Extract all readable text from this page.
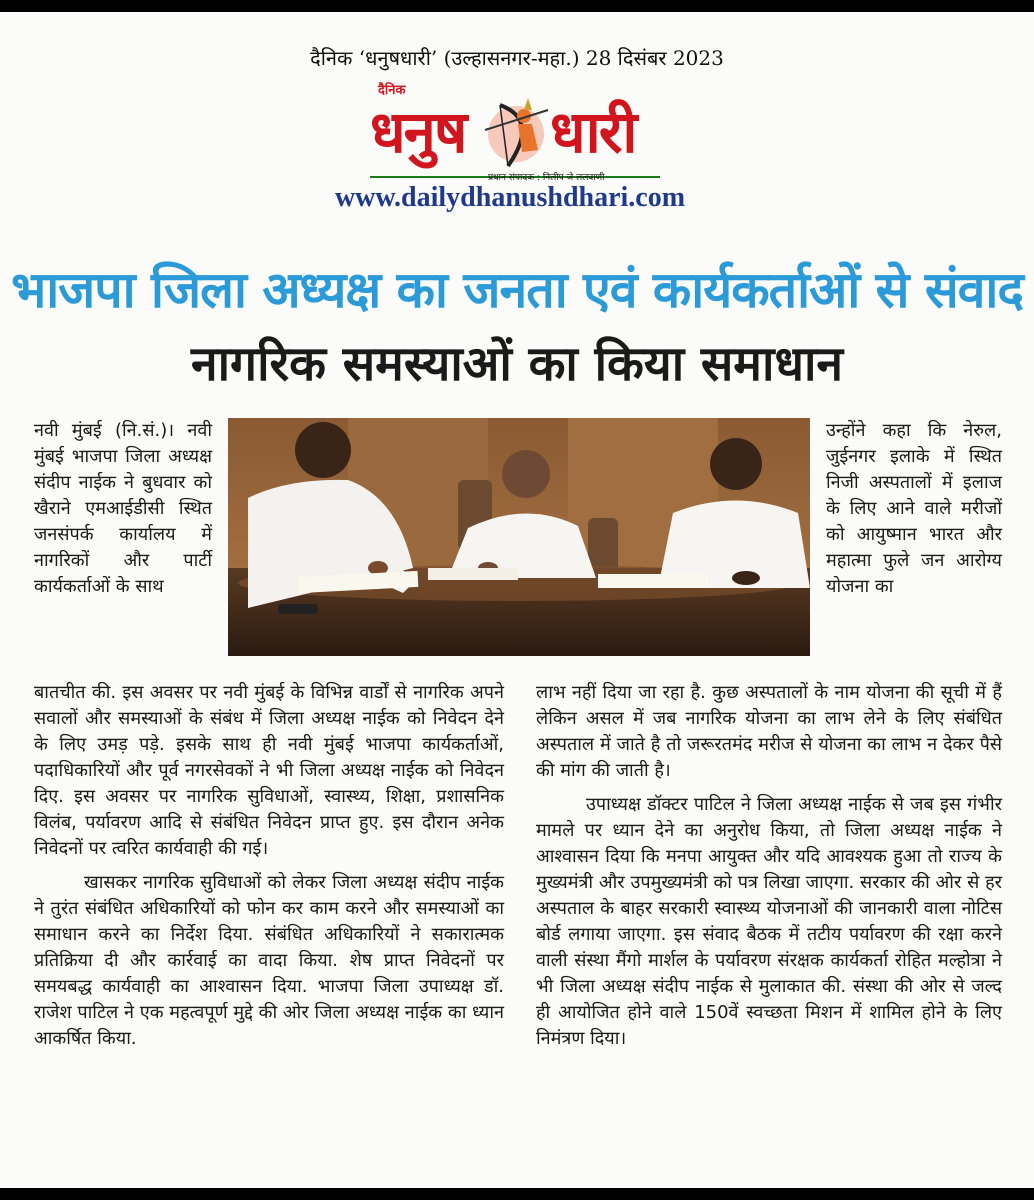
दैनिक ‘धनुषधारी’ (उल्हासनगर-महा.) 28 दिसंबर 2023
दैनिक
धनुष धारी
प्रधान संपादक : निलीप जे ललवाणी
www.dailydhanushdhari.com
भाजपा जिला अध्यक्ष का जनता एवं कार्यकर्ताओं से संवाद
नागरिक समस्याओं का किया समाधान

नवी मुंबई (नि.सं.)। नवी मुंबई भाजपा जिला अध्यक्ष संदीप नाईक ने बुधवार को खैराने एमआईडीसी स्थित जनसंपर्क कार्यालय में नागरिकों और पार्टी कार्यकर्ताओं के साथ

उन्होंने कहा कि नेरुल, जुईनगर इलाके में स्थित निजी अस्पतालों में इलाज के लिए आने वाले मरीजों को आयुष्मान भारत और महात्मा फुले जन आरोग्य योजना का

बातचीत की. इस अवसर पर नवी मुंबई के विभिन्न वार्डों से नागरिक अपने सवालों और समस्याओं के संबंध में जिला अध्यक्ष नाईक को निवेदन देने के लिए उमड़ पड़े. इसके साथ ही नवी मुंबई भाजपा कार्यकर्ताओं, पदाधिकारियों और पूर्व नगरसेवकों ने भी जिला अध्यक्ष नाईक को निवेदन दिए. इस अवसर पर नागरिक सुविधाओं, स्वास्थ्य, शिक्षा, प्रशासनिक विलंब, पर्यावरण आदि से संबंधित निवेदन प्राप्त हुए. इस दौरान अनेक निवेदनों पर त्वरित कार्यवाही की गई।

खासकर नागरिक सुविधाओं को लेकर जिला अध्यक्ष संदीप नाईक ने तुरंत संबंधित अधिकारियों को फोन कर काम करने और समस्याओं का समाधान करने का निर्देश दिया. संबंधित अधिकारियों ने सकारात्मक प्रतिक्रिया दी और कार्रवाई का वादा किया. शेष प्राप्त निवेदनों पर समयबद्ध कार्यवाही का आश्वासन दिया. भाजपा जिला उपाध्यक्ष डॉ. राजेश पाटिल ने एक महत्वपूर्ण मुद्दे की ओर जिला अध्यक्ष नाईक का ध्यान आकर्षित किया.

लाभ नहीं दिया जा रहा है. कुछ अस्पतालों के नाम योजना की सूची में हैं लेकिन असल में जब नागरिक योजना का लाभ लेने के लिए संबंधित अस्पताल में जाते है तो जरूरतमंद मरीज से योजना का लाभ न देकर पैसे की मांग की जाती है।

उपाध्यक्ष डॉक्टर पाटिल ने जिला अध्यक्ष नाईक से जब इस गंभीर मामले पर ध्यान देने का अनुरोध किया, तो जिला अध्यक्ष नाईक ने आश्वासन दिया कि मनपा आयुक्त और यदि आवश्यक हुआ तो राज्य के मुख्यमंत्री और उपमुख्यमंत्री को पत्र लिखा जाएगा. सरकार की ओर से हर अस्पताल के बाहर सरकारी स्वास्थ्य योजनाओं की जानकारी वाला नोटिस बोर्ड लगाया जाएगा. इस संवाद बैठक में तटीय पर्यावरण की रक्षा करने वाली संस्था मैंगो मार्शल के पर्यावरण संरक्षक कार्यकर्ता रोहित मल्होत्रा ने भी जिला अध्यक्ष संदीप नाईक से मुलाकात की. संस्था की ओर से जल्द ही आयोजित होने वाले 150वें स्वच्छता मिशन में शामिल होने के लिए निमंत्रण दिया।
